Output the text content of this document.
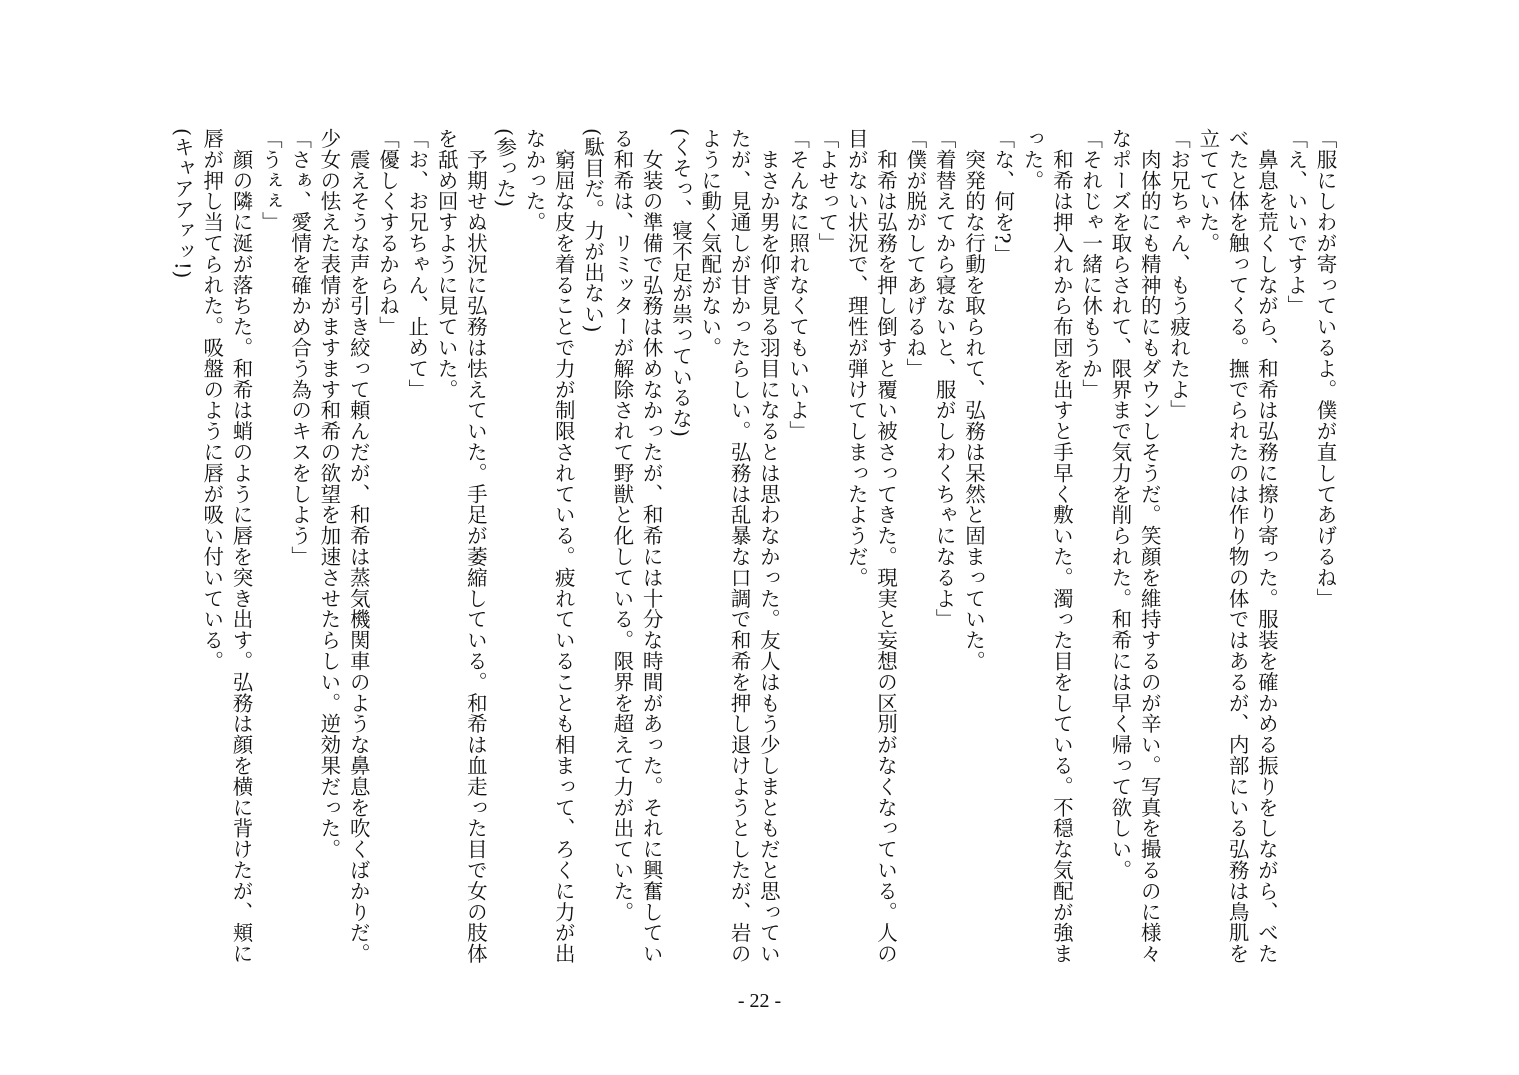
「服にしわが寄っているよ。僕が直してあげるね」

「え、いいですよ」

　鼻息を荒くしながら、和希は弘務に擦り寄った。服装を確かめる振りをしながら、べた

べたと体を触ってくる。撫でられたのは作り物の体ではあるが、内部にいる弘務は鳥肌を

立てていた。

「お兄ちゃん、もう疲れたよ」

　肉体的にも精神的にもダウンしそうだ。笑顔を維持するのが辛い。写真を撮るのに様々

なポーズを取らされて、限界まで気力を削られた。和希には早く帰って欲しい。

「それじゃ一緒に休もうか」

　和希は押入れから布団を出すと手早く敷いた。濁った目をしている。不穏な気配が強ま

った。

「な、何を?」

　突発的な行動を取られて、弘務は呆然と固まっていた。

「着替えてから寝ないと、服がしわくちゃになるよ」

「僕が脱がしてあげるね」

　和希は弘務を押し倒すと覆い被さってきた。現実と妄想の区別がなくなっている。人の

目がない状況で、理性が弾けてしまったようだ。

「よせって」

「そんなに照れなくてもいいよ」

　まさか男を仰ぎ見る羽目になるとは思わなかった。友人はもう少しまともだと思ってい

たが、見通しが甘かったらしい。弘務は乱暴な口調で和希を押し退けようとしたが、岩の

ように動く気配がない。

(くそっ、寝不足が祟っているな)

　女装の準備で弘務は休めなかったが、和希には十分な時間があった。それに興奮してい

る和希は、リミッターが解除されて野獣と化している。限界を超えて力が出ていた。

(駄目だ。力が出ない)

　窮屈な皮を着ることで力が制限されている。疲れていることも相まって、ろくに力が出

なかった。

(参った)

　予期せぬ状況に弘務は怯えていた。手足が萎縮している。和希は血走った目で女の肢体

を舐め回すように見ていた。

「お、お兄ちゃん、止めて」

「優しくするからね」

　震えそうな声を引き絞って頼んだが、和希は蒸気機関車のような鼻息を吹くばかりだ。

少女の怯えた表情がますます和希の欲望を加速させたらしい。逆効果だった。

「さぁ、愛情を確かめ合う為のキスをしよう」

「うぇぇ」

　顔の隣に涎が落ちた。和希は蛸のように唇を突き出す。弘務は顔を横に背けたが、頬に

唇が押し当てられた。吸盤のように唇が吸い付いている。

(キャアアァッ!)

- 22 -
